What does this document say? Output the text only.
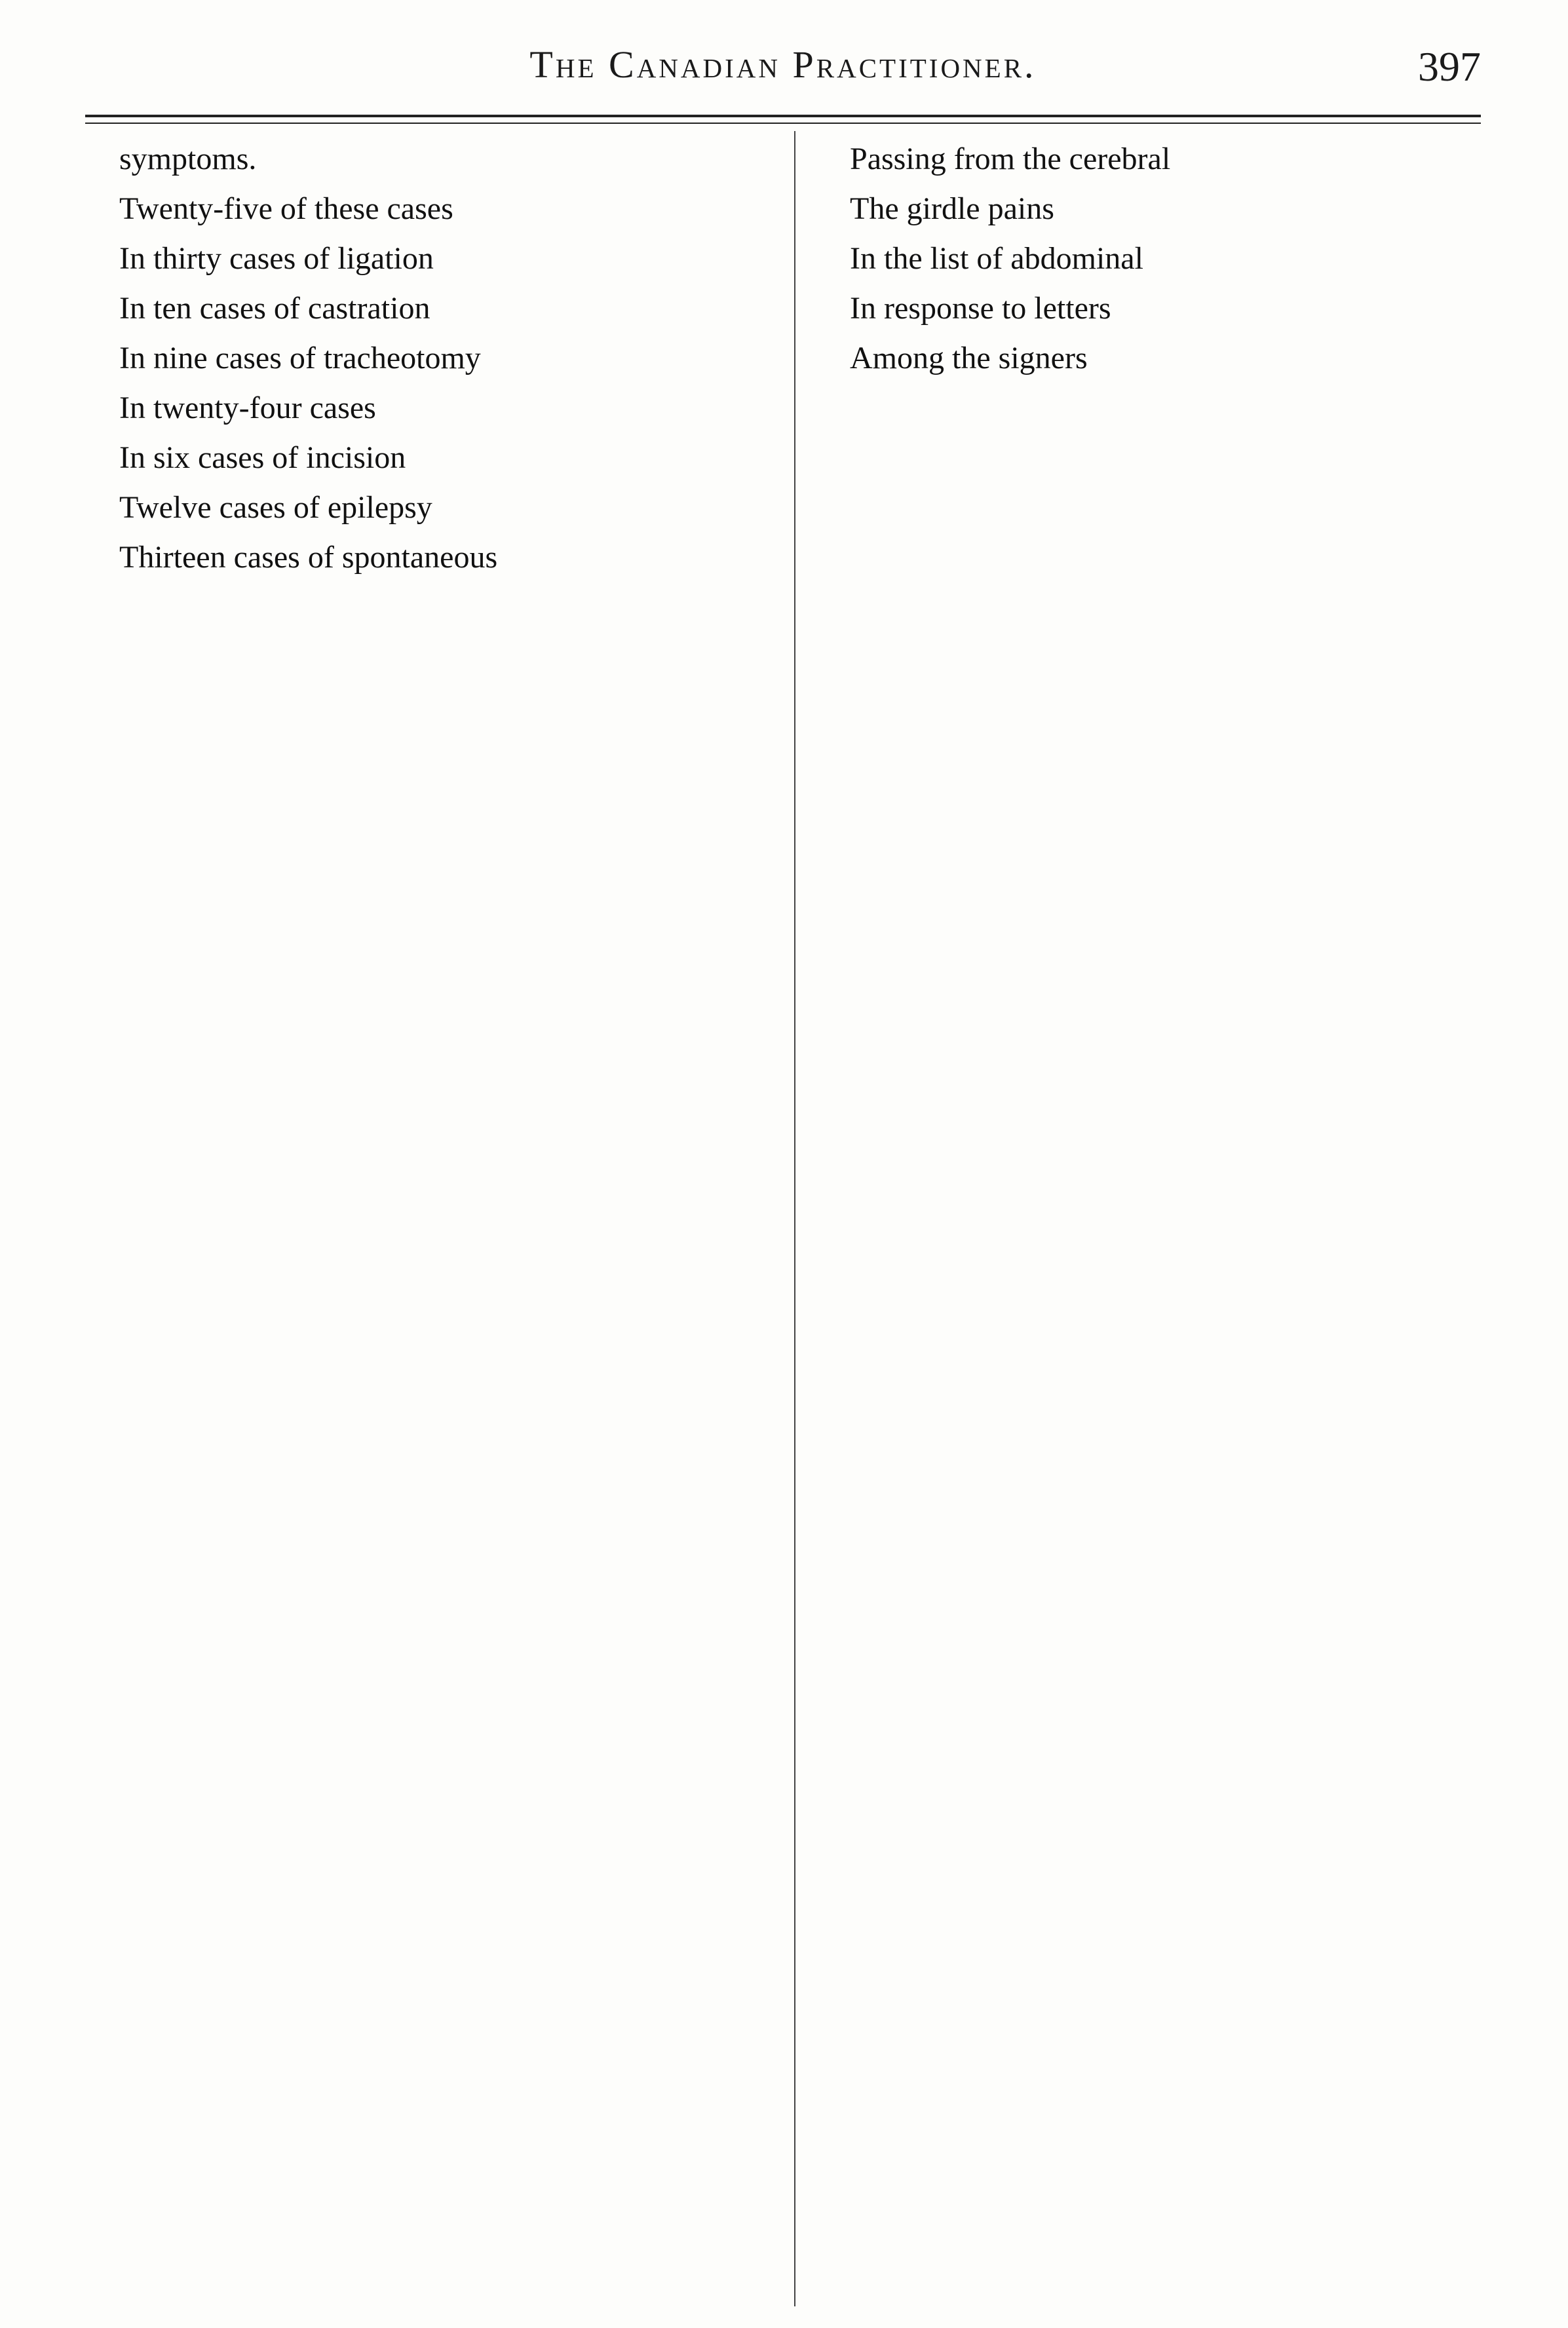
The Canadian Practitioner.	397

symptoms.

Twenty-five of these cases

In thirty cases of ligation

In ten cases of castration

In nine cases of tracheotomy

In twenty-four cases

In six cases of incision

Twelve cases of epilepsy

Thirteen cases of spontaneous

Passing from the cerebral

The girdle pains

In the list of abdominal

In response to letters

Among the signers
